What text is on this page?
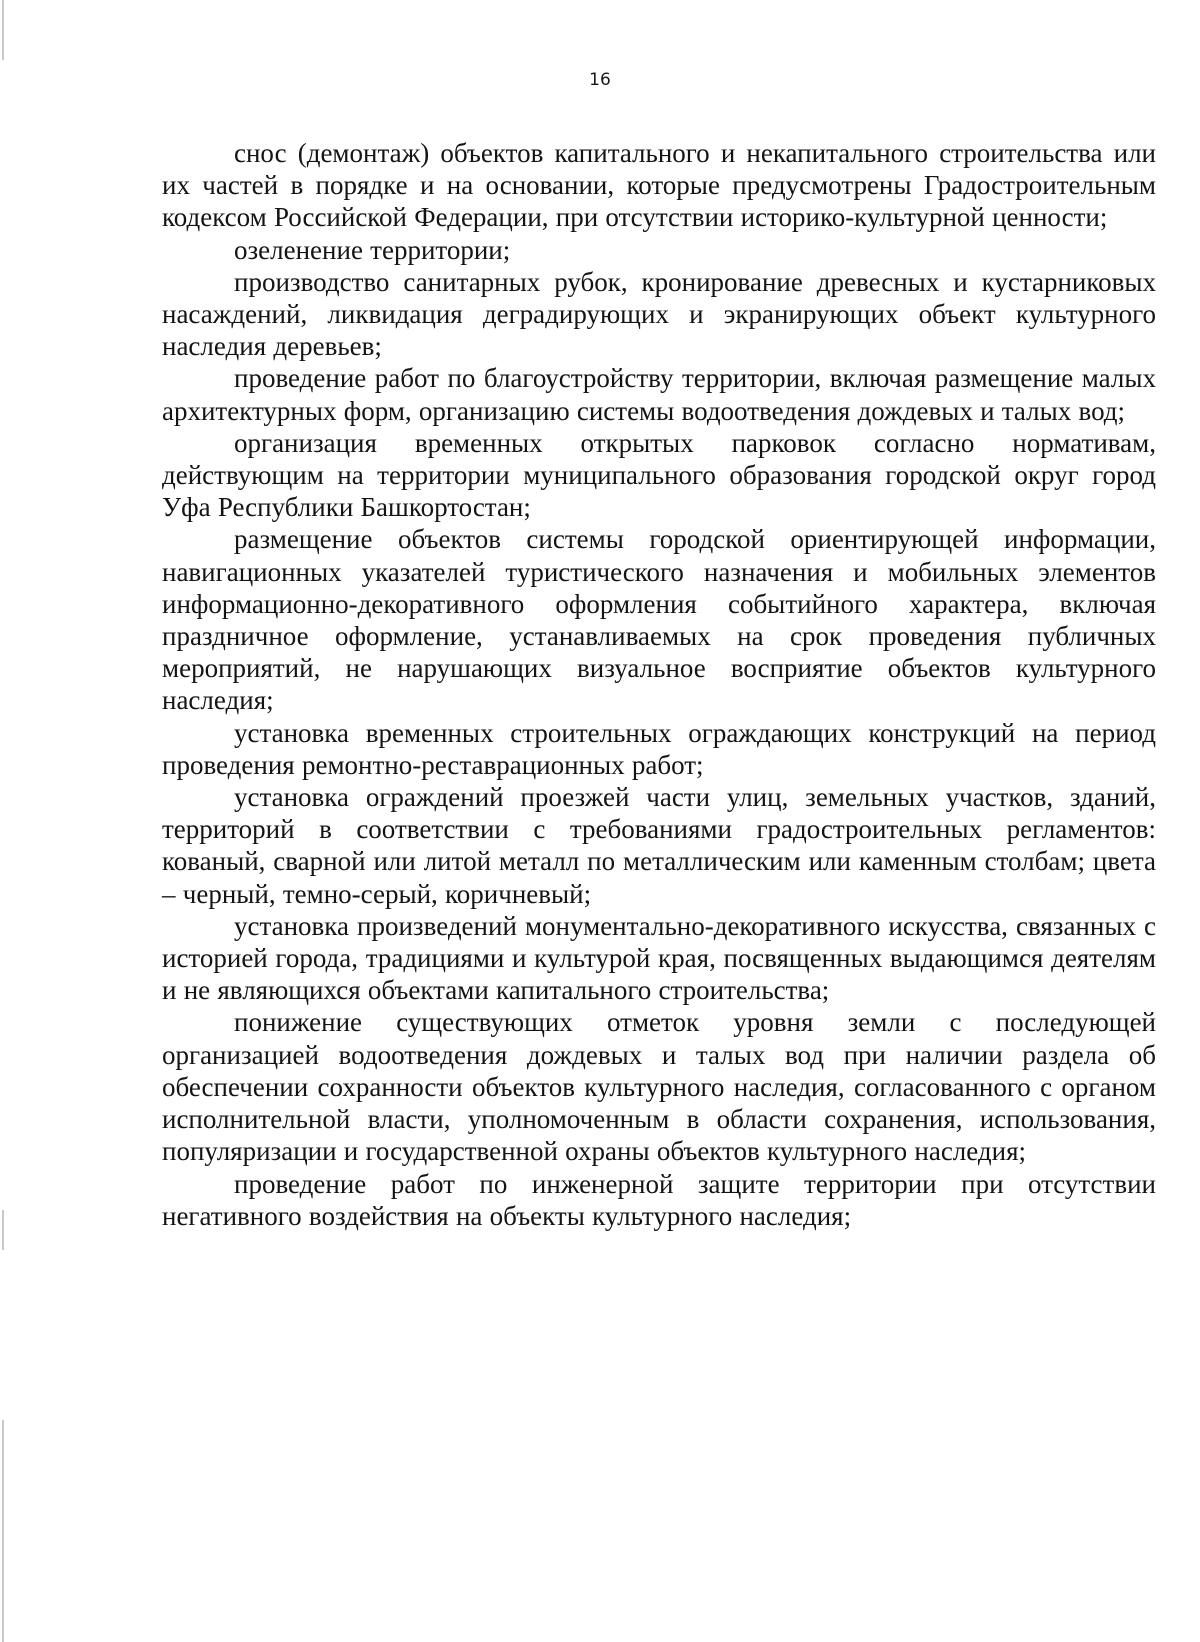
16

снос (демонтаж) объектов капитального и некапитального строительства или их частей в порядке и на основании, которые предусмотрены Градостроительным кодексом Российской Федерации, при отсутствии историко-культурной ценности;

озеленение территории;

производство санитарных рубок, кронирование древесных и кустарниковых насаждений, ликвидация деградирующих и экранирующих объект культурного наследия деревьев;

проведение работ по благоустройству территории, включая размещение малых архитектурных форм, организацию системы водоотведения дождевых и талых вод;

организация временных открытых парковок согласно нормативам, действующим на территории муниципального образования городской округ город Уфа Республики Башкортостан;

размещение объектов системы городской ориентирующей информации, навигационных указателей туристического назначения и мобильных элементов информационно-декоративного оформления событийного характера, включая праздничное оформление, устанавливаемых на срок проведения публичных мероприятий, не нарушающих визуальное восприятие объектов культурного наследия;

установка временных строительных ограждающих конструкций на период проведения ремонтно-реставрационных работ;

установка ограждений проезжей части улиц, земельных участков, зданий, территорий в соответствии с требованиями градостроительных регламентов: кованый, сварной или литой металл по металлическим или каменным столбам; цвета – черный, темно-серый, коричневый;

установка произведений монументально-декоративного искусства, связанных с историей города, традициями и культурой края, посвященных выдающимся деятелям и не являющихся объектами капитального строительства;

понижение существующих отметок уровня земли с последующей организацией водоотведения дождевых и талых вод при наличии раздела об обеспечении сохранности объектов культурного наследия, согласованного с органом исполнительной власти, уполномоченным в области сохранения, использования, популяризации и государственной охраны объектов культурного наследия;

проведение работ по инженерной защите территории при отсутствии негативного воздействия на объекты культурного наследия;
